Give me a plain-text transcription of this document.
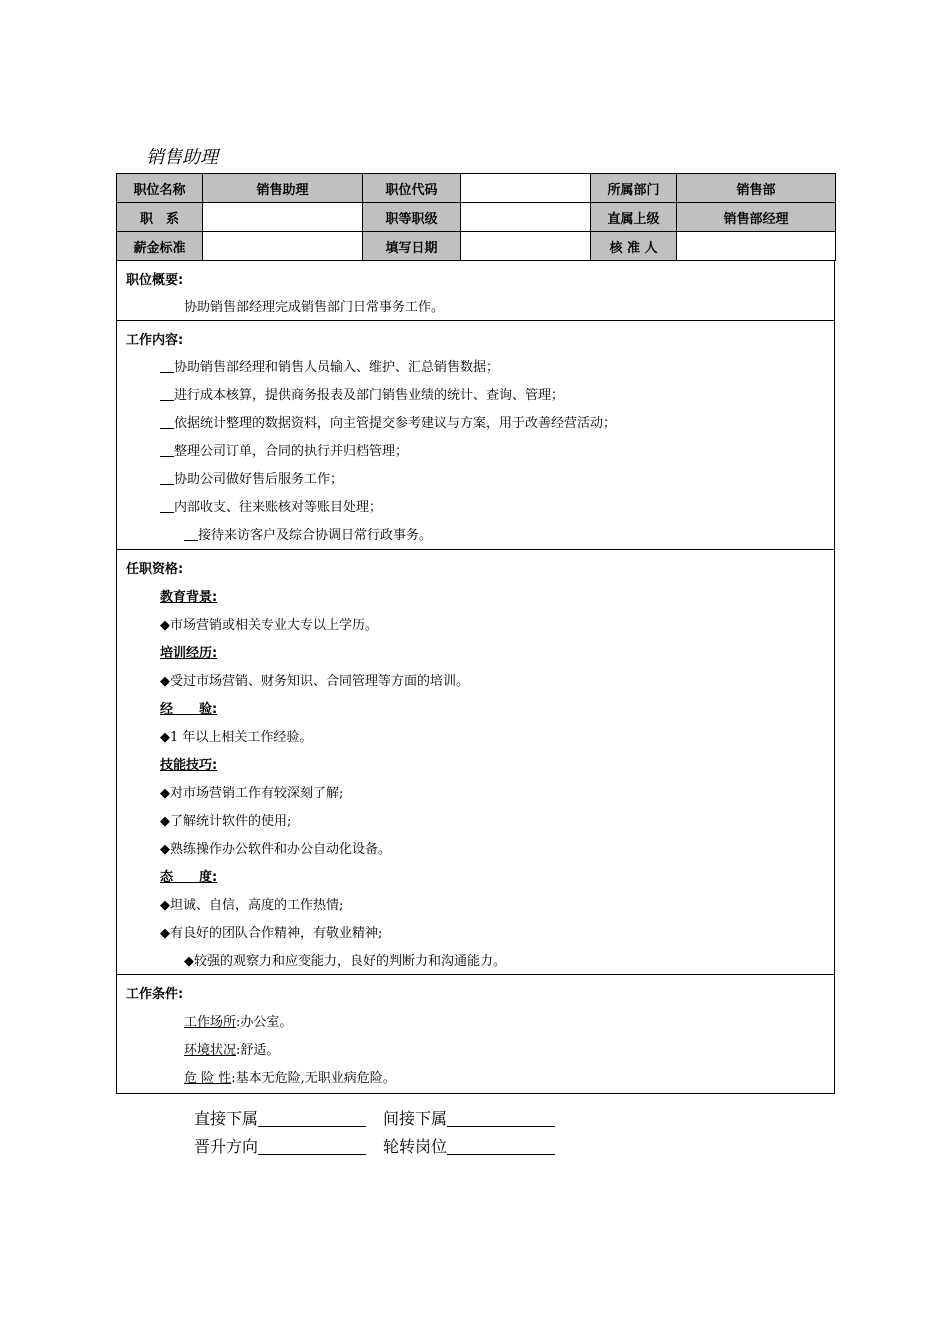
销售助理
职位名称	销售助理	职位代码		所属部门	销售部
职　系		职等职级		直属上级	销售部经理
薪金标准		填写日期		核 准 人	
职位概要:
协助销售部经理完成销售部门日常事务工作。
工作内容:
协助销售部经理和销售人员输入、维护、汇总销售数据；
进行成本核算，提供商务报表及部门销售业绩的统计、查询、管理；
依据统计整理的数据资料，向主管提交参考建议与方案，用于改善经营活动；
整理公司订单，合同的执行并归档管理；
协助公司做好售后服务工作；
内部收支、往来账核对等账目处理；
接待来访客户及综合协调日常行政事务。
任职资格:
教育背景:
◆市场营销或相关专业大专以上学历。
培训经历:
◆受过市场营销、财务知识、合同管理等方面的培训。
经　　验:
◆1 年以上相关工作经验。
技能技巧:
◆对市场营销工作有较深刻了解;
◆了解统计软件的使用;
◆熟练操作办公软件和办公自动化设备。
态　　度:
◆坦诚、自信，高度的工作热情;
◆有良好的团队合作精神，有敬业精神;
◆较强的观察力和应变能力，良好的判断力和沟通能力。
工作条件:
工作场所:办公室。
环境状况:舒适。
危 险 性:基本无危险,无职业病危险。
直接下属	间接下属
晋升方向	轮转岗位
